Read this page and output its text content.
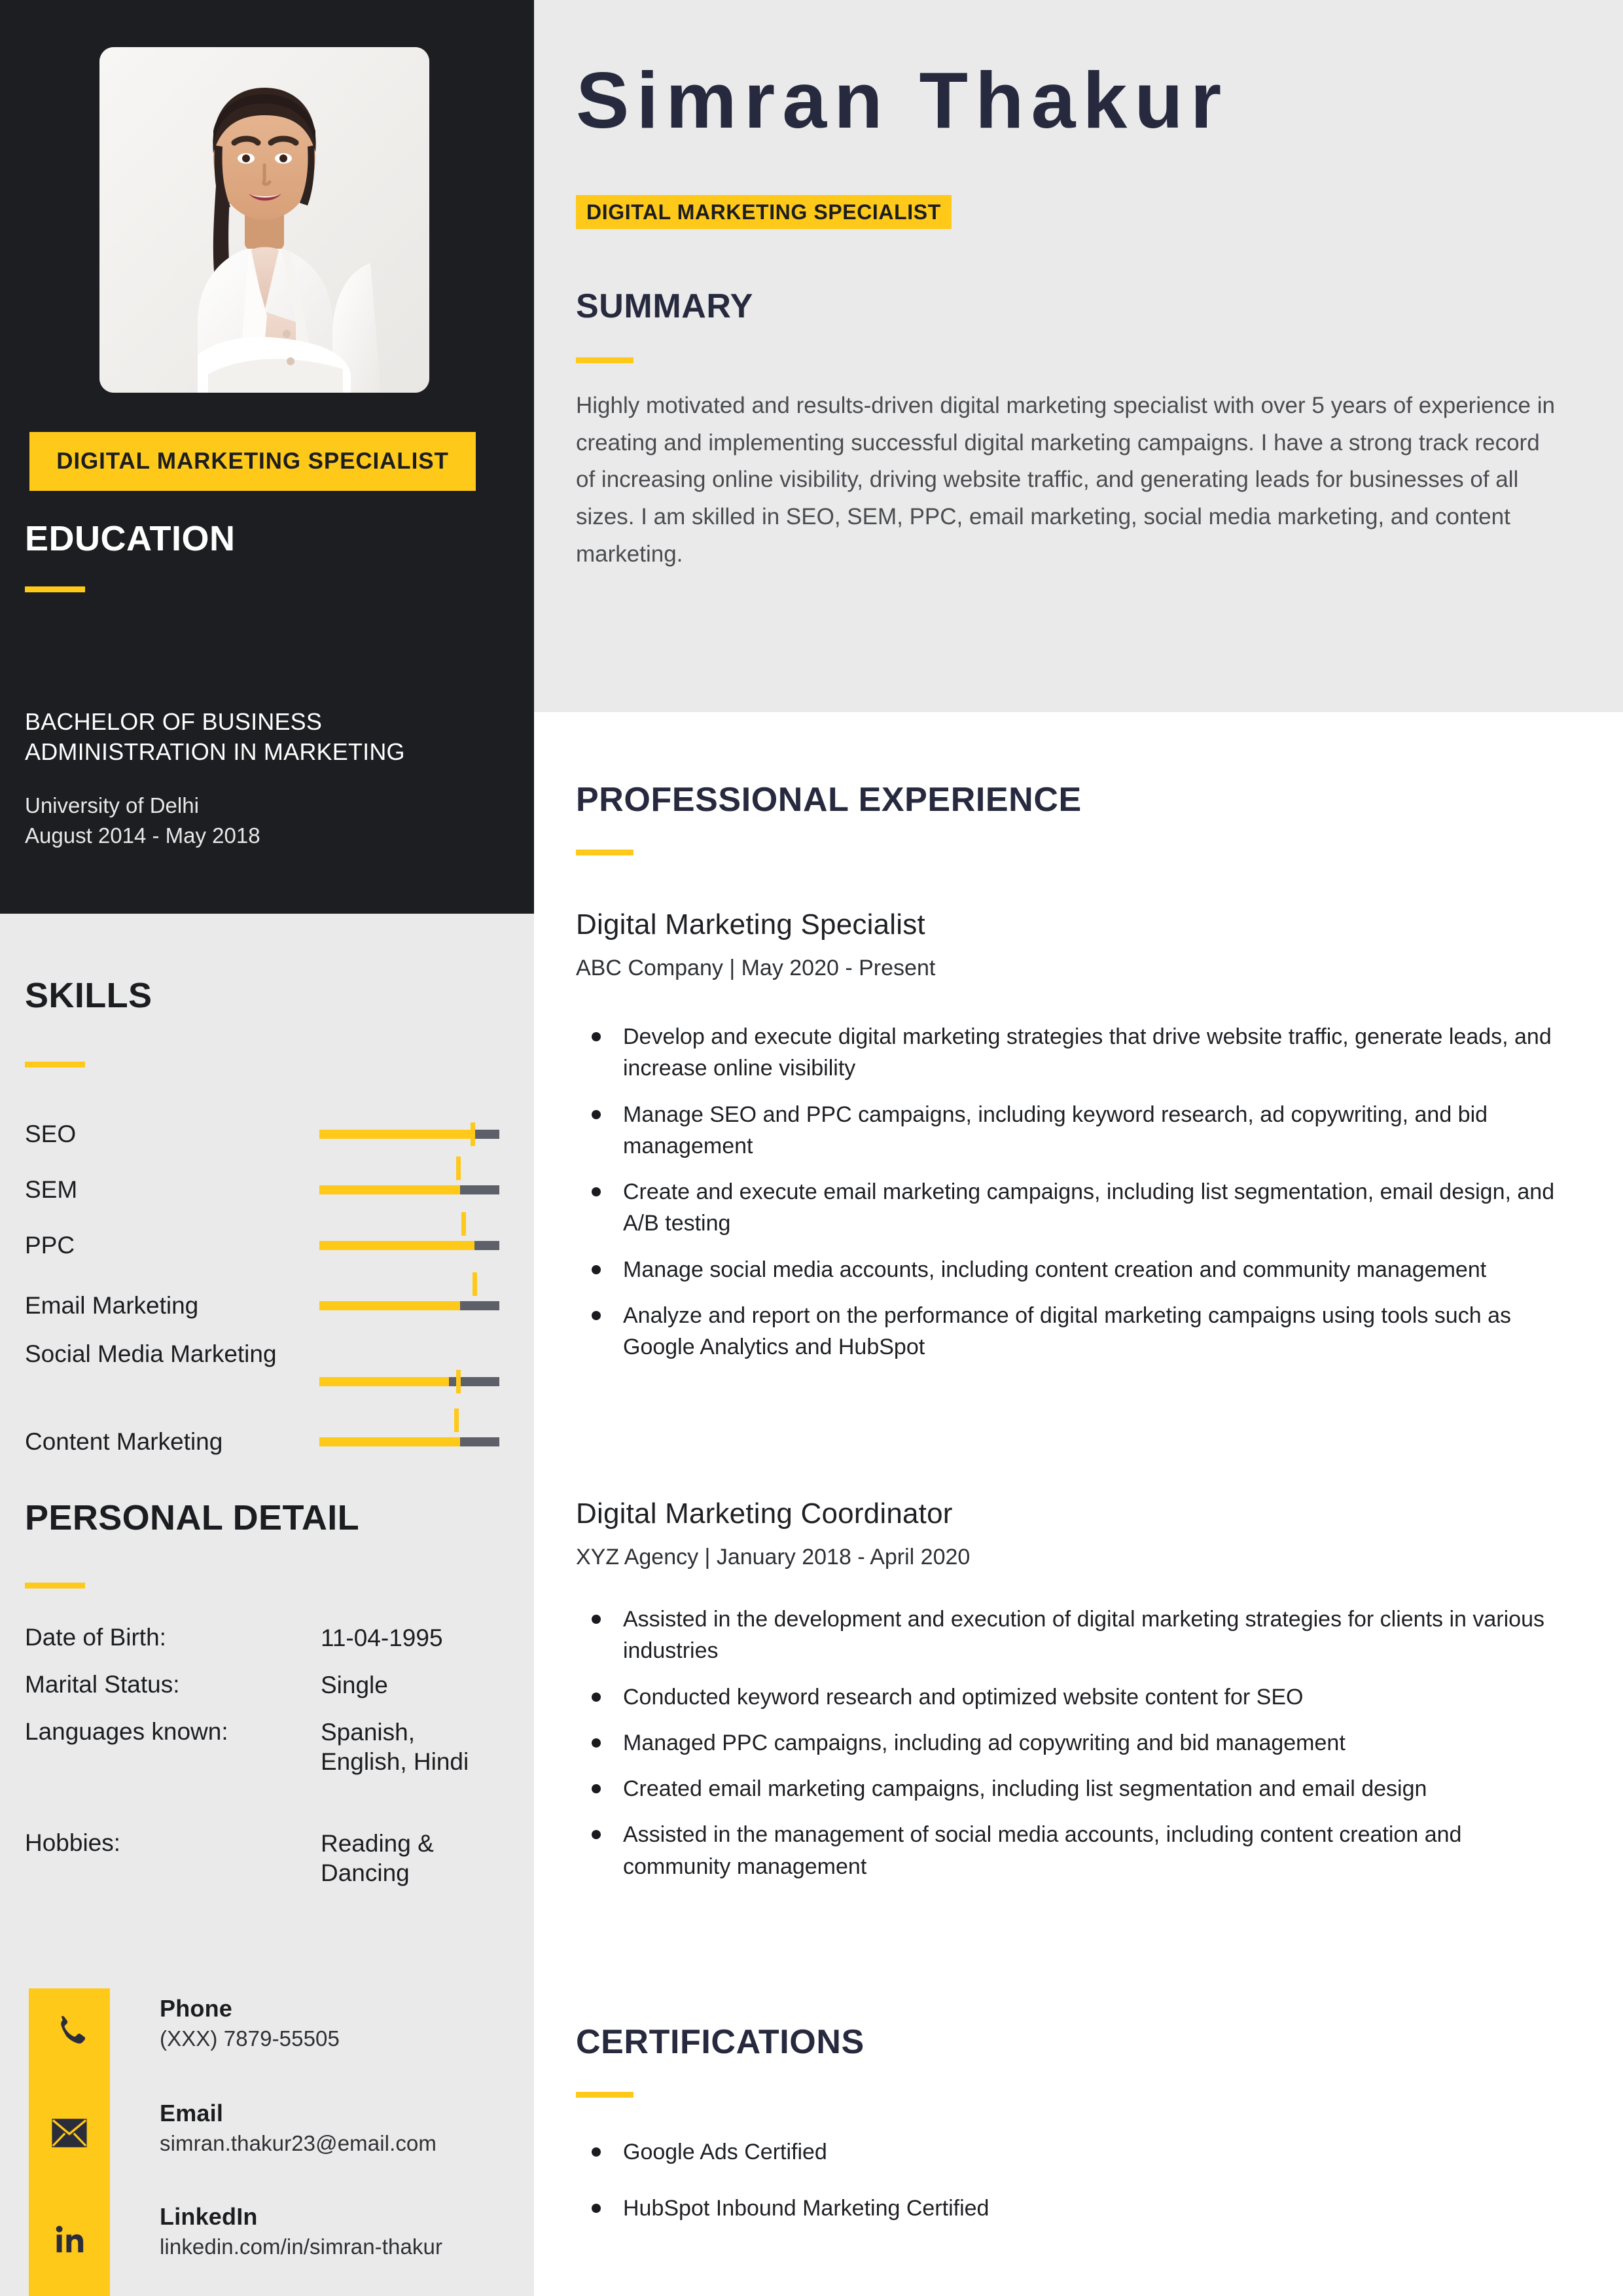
DIGITAL MARKETING SPECIALIST
EDUCATION
BACHELOR OF BUSINESS ADMINISTRATION IN MARKETING
University of Delhi
August 2014 - May 2018
SKILLS
SEO
SEM
PPC
Email Marketing
Social Media Marketing
Content Marketing
PERSONAL DETAIL
Date of Birth:	11-04-1995
Marital Status:	Single
Languages known:	Spanish, English, Hindi
Hobbies:	Reading & Dancing
Phone
(XXX) 7879-55505
Email
simran.thakur23@email.com
LinkedIn
linkedin.com/in/simran-thakur
Simran Thakur
DIGITAL MARKETING SPECIALIST
SUMMARY
Highly motivated and results-driven digital marketing specialist with over 5 years of experience in creating and implementing successful digital marketing campaigns. I have a strong track record of increasing online visibility, driving website traffic, and generating leads for businesses of all sizes. I am skilled in SEO, SEM, PPC, email marketing, social media marketing, and content marketing.
PROFESSIONAL EXPERIENCE
Digital Marketing Specialist
ABC Company | May 2020 - Present
Develop and execute digital marketing strategies that drive website traffic, generate leads, and increase online visibility
Manage SEO and PPC campaigns, including keyword research, ad copywriting, and bid management
Create and execute email marketing campaigns, including list segmentation, email design, and A/B testing
Manage social media accounts, including content creation and community management
Analyze and report on the performance of digital marketing campaigns using tools such as Google Analytics and HubSpot
Digital Marketing Coordinator
XYZ Agency | January 2018 - April 2020
Assisted in the development and execution of digital marketing strategies for clients in various industries
Conducted keyword research and optimized website content for SEO
Managed PPC campaigns, including ad copywriting and bid management
Created email marketing campaigns, including list segmentation and email design
Assisted in the management of social media accounts, including content creation and community management
CERTIFICATIONS
Google Ads Certified
HubSpot Inbound Marketing Certified
